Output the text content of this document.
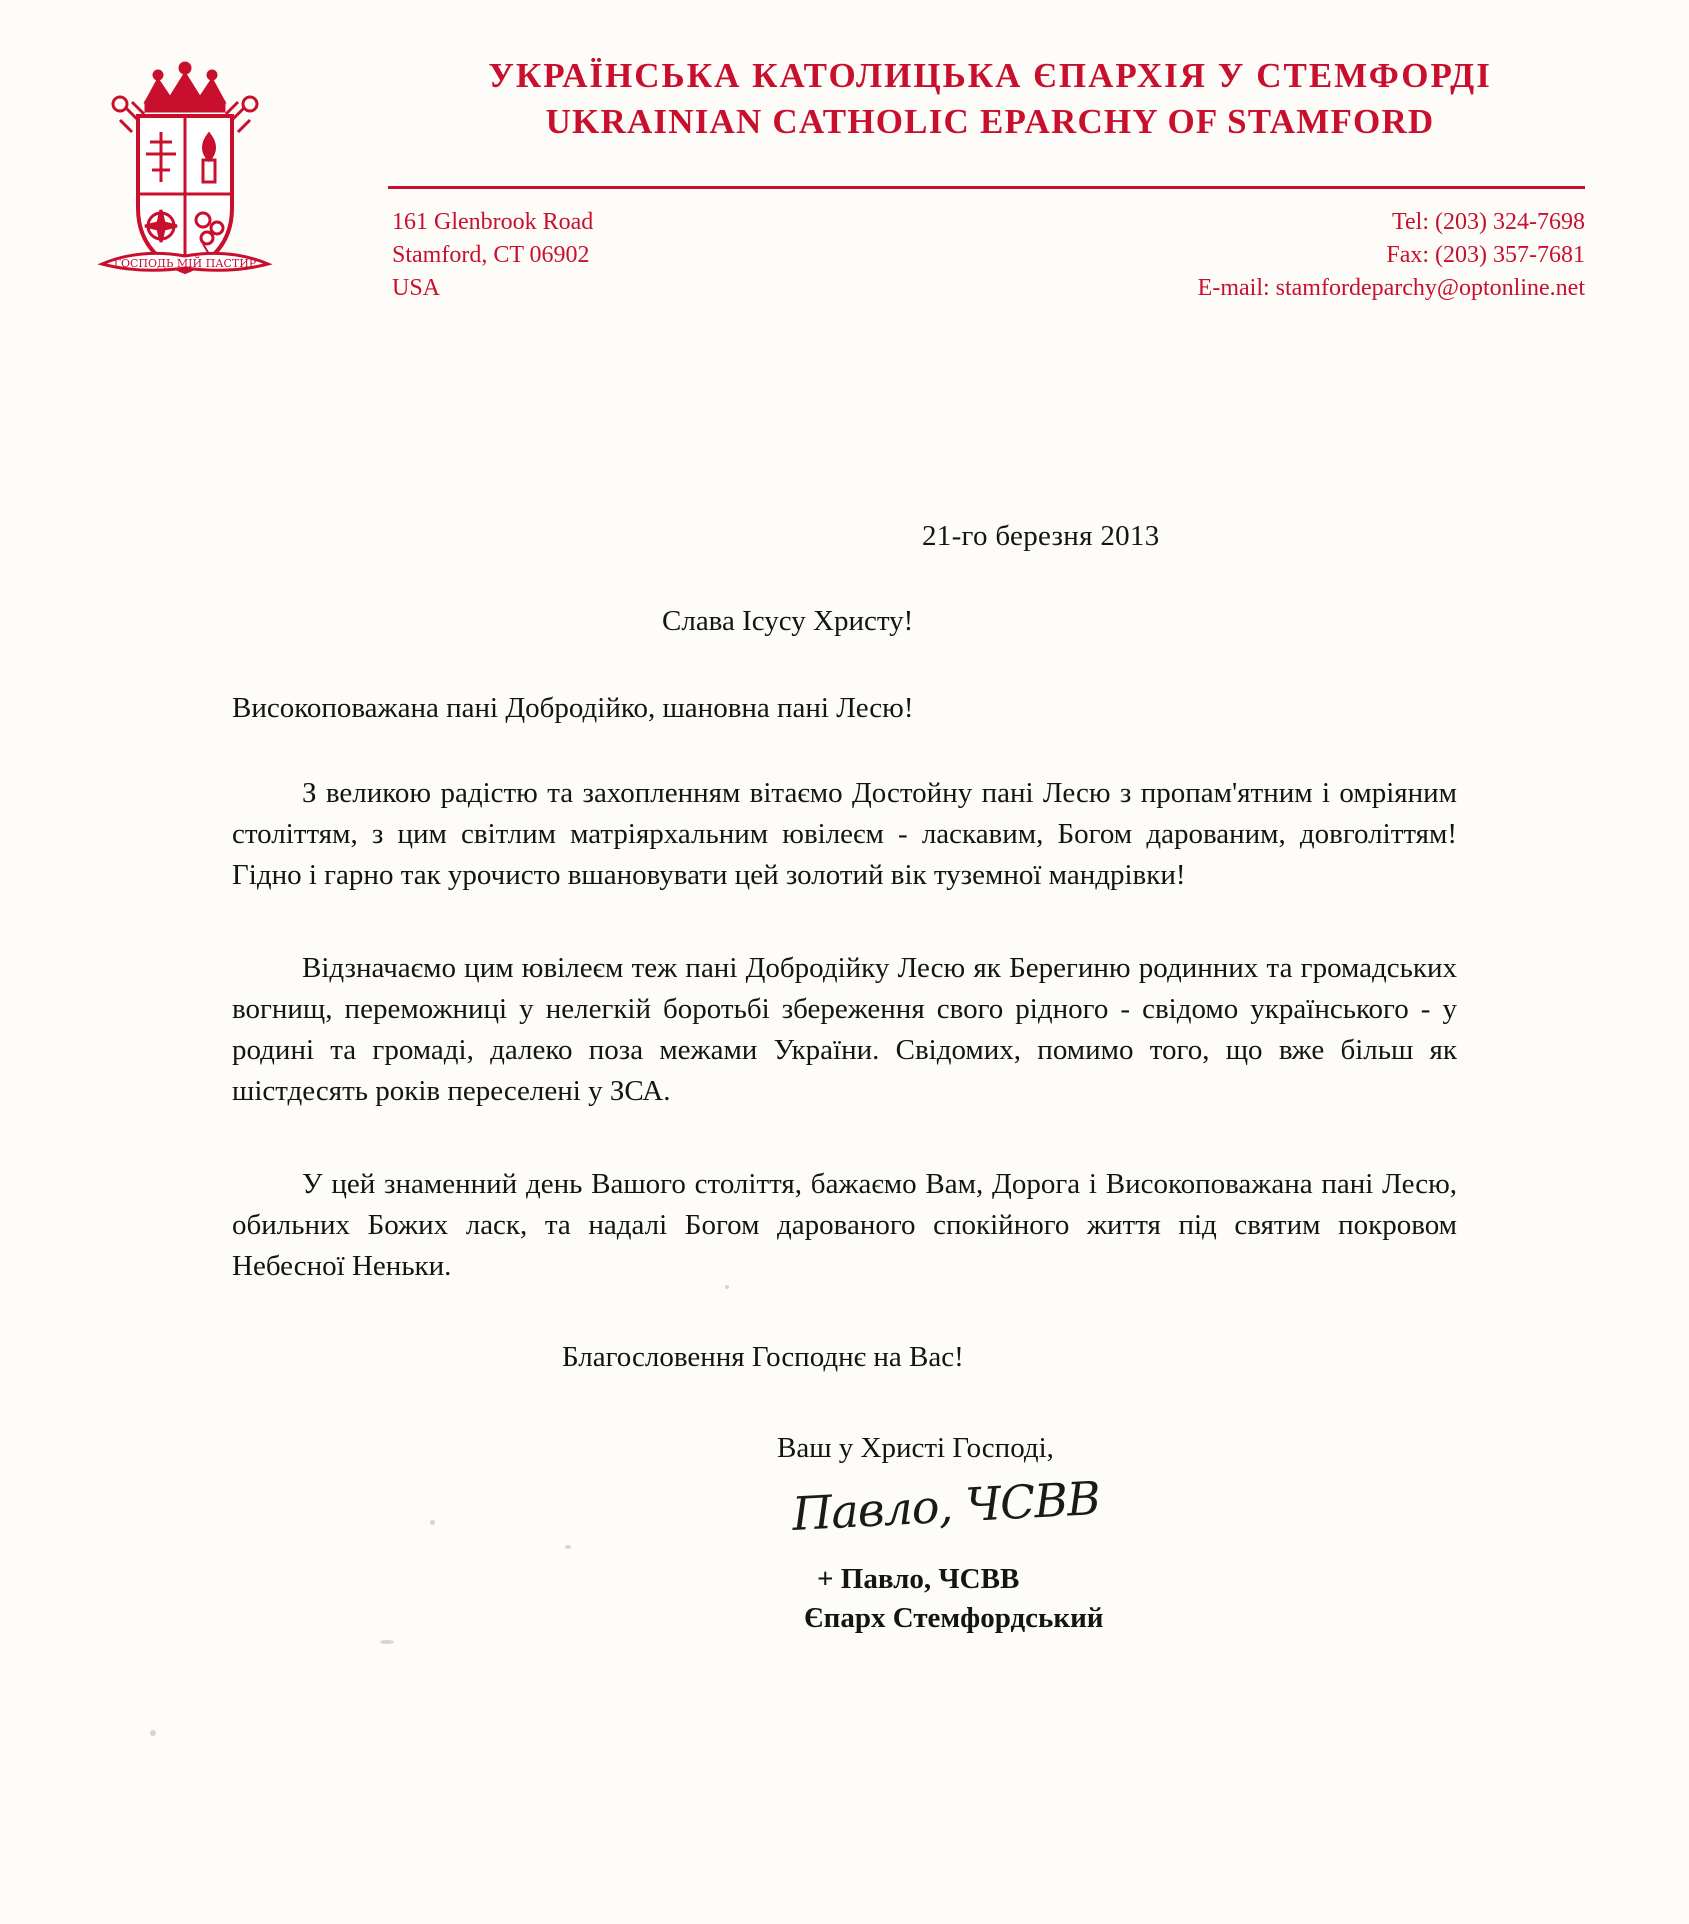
ГОСПОДЬ МІЙ ПАСТИР
УКРАЇНСЬКА КАТОЛИЦЬКА ЄПАРХІЯ У СТЕМФОРДІ
UKRAINIAN CATHOLIC EPARCHY OF STAMFORD
161 Glenbrook Road
Stamford, CT 06902
USA
Tel: (203) 324-7698
Fax: (203) 357-7681
E-mail: stamfordeparchy@optonline.net
21-го березня 2013
Слава Ісусу Христу!
Високоповажана пані Добродійко, шановна пані Лесю!
З великою радістю та захопленням вітаємо Достойну пані Лесю з пропам'ятним і омріяним століттям, з цим світлим матріярхальним ювілеєм - ласкавим, Богом дарованим, довголіттям! Гідно і гарно так урочисто вшановувати цей золотий вік туземної мандрівки!
Відзначаємо цим ювілеєм теж пані Добродійку Лесю як Берегиню родинних та громадських вогнищ, переможниці у нелегкій боротьбі збереження свого рідного - свідомо українського - у родині та громаді, далеко поза межами України. Свідомих, помимо того, що вже більш як шістдесять років переселені у ЗСА.
У цей знаменний день Вашого століття, бажаємо Вам, Дорога і Високоповажана пані Лесю, обильних Божих ласк, та надалі Богом дарованого спокійного життя під святим покровом Небесної Неньки.
Благословення Господнє на Вас!
Ваш у Христі Господі,
Павло, ЧСВВ
+ Павло, ЧСВВ
Єпарх Стемфордський
